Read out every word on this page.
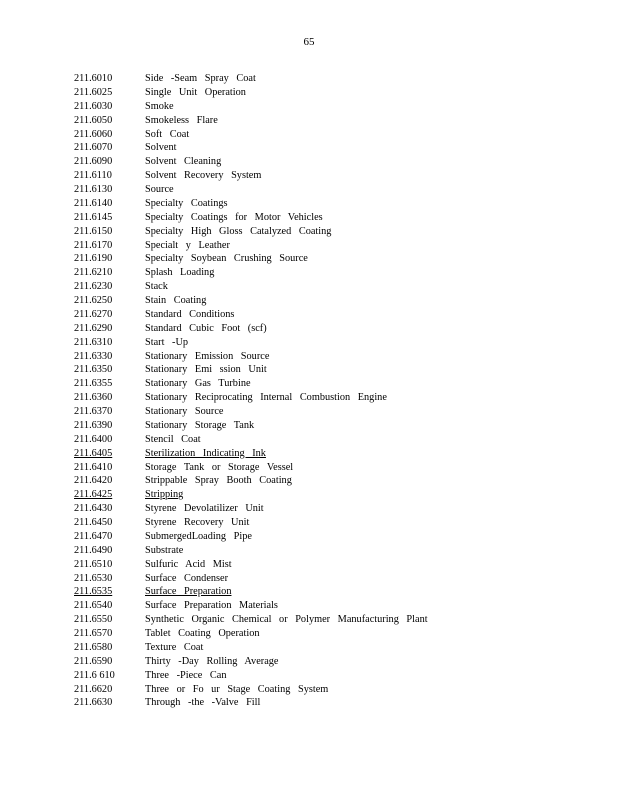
65
211.6010	Side -Seam Spray Coat
211.6025	Single Unit Operation
211.6030	Smoke
211.6050	Smokeless Flare
211.6060	Soft Coat
211.6070	Solvent
211.6090	Solvent Cleaning
211.6110	Solvent Recovery System
211.6130	Source
211.6140	Specialty Coatings
211.6145	Specialty Coatings for Motor Vehicles
211.6150	Specialty High Gloss Catalyzed Coating
211.6170	Specialt y Leather
211.6190	Specialty Soybean Crushing Source
211.6210	Splash Loading
211.6230	Stack
211.6250	Stain Coating
211.6270	Standard Conditions
211.6290	Standard Cubic Foot (scf)
211.6310	Start -Up
211.6330	Stationary Emission Source
211.6350	Stationary Emi ssion Unit
211.6355	Stationary Gas Turbine
211.6360	Stationary Reciprocating Internal Combustion Engine
211.6370	Stationary Source
211.6390	Stationary Storage Tank
211.6400	Stencil Coat
211.6405	Sterilization Indicating Ink
211.6410	Storage Tank or Storage Vessel
211.6420	Strippable Spray Booth Coating
211.6425	Stripping
211.6430	Styrene Devolatilizer Unit
211.6450	Styrene Recovery Unit
211.6470	SubmergedLoading Pipe
211.6490	Substrate
211.6510	Sulfuric Acid Mist
211.6530	Surface Condenser
211.6535	Surface Preparation
211.6540	Surface Preparation Materials
211.6550	Synthetic Organic Chemical or Polymer Manufacturing Plant
211.6570	Tablet Coating Operation
211.6580	Texture Coat
211.6590	Thirty -Day Rolling Average
211.6 610	Three -Piece Can
211.6620	Three or Fo ur Stage Coating System
211.6630	Through -the -Valve Fill
